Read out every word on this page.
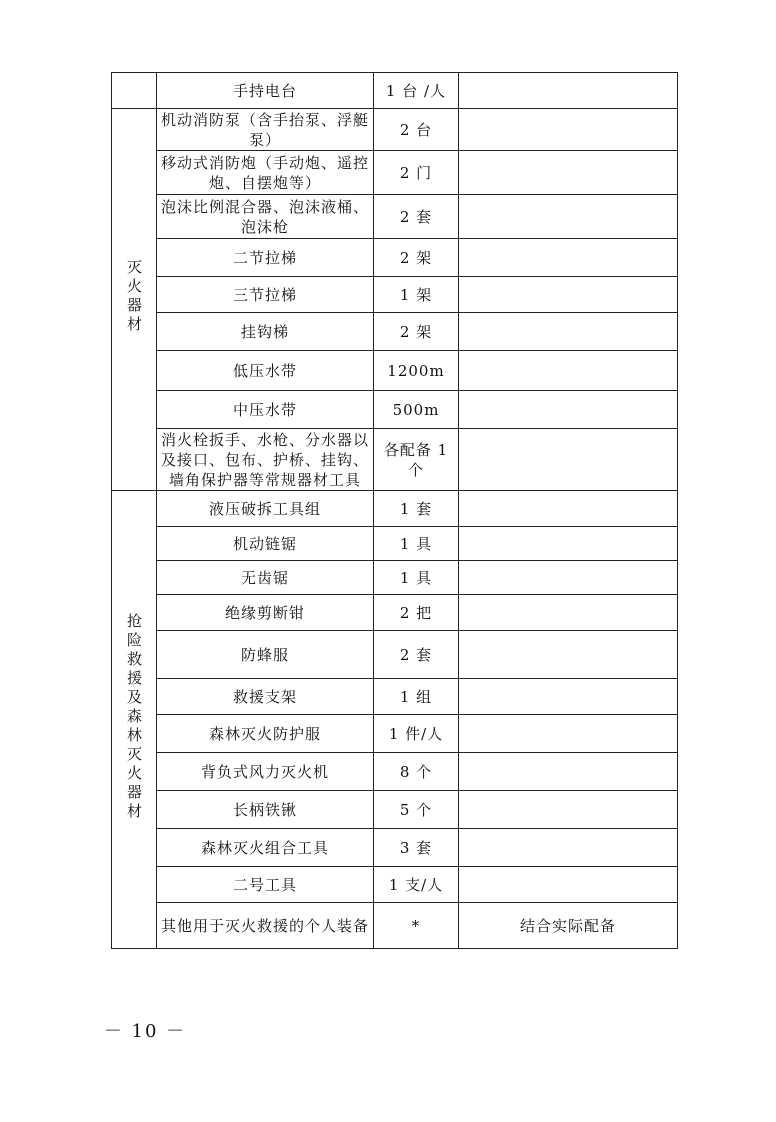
	手持电台	1 台 /人	
灭火器材	机动消防泵（含手抬泵、浮艇泵）	2 台	
	移动式消防炮（手动炮、遥控炮、自摆炮等）	2 门	
	泡沫比例混合器、泡沫液桶、泡沫枪	2 套	
	二节拉梯	2 架	
	三节拉梯	1 架	
	挂钩梯	2 架	
	低压水带	1200m	
	中压水带	500m	
	消火栓扳手、水枪、分水器以及接口、包布、护桥、挂钩、墙角保护器等常规器材工具	各配备 1 个	
抢险救援及森林灭火器材	液压破拆工具组	1 套	
	机动链锯	1 具	
	无齿锯	1 具	
	绝缘剪断钳	2 把	
	防蜂服	2 套	
	救援支架	1 组	
	森林灭火防护服	1 件/人	
	背负式风力灭火机	8 个	
	长柄铁锹	5 个	
	森林灭火组合工具	3 套	
	二号工具	1 支/人	
	其他用于灭火救援的个人装备	*	结合实际配备
－ 10 －
